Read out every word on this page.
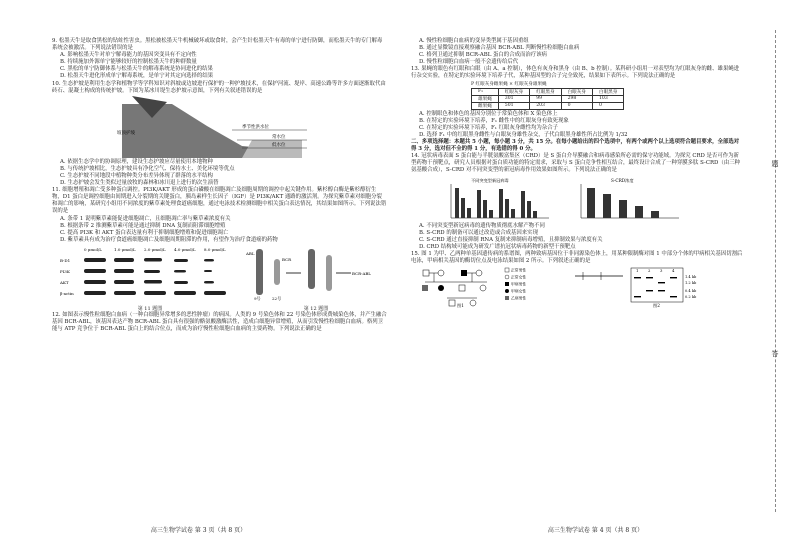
9. 松墨天牛是取食黑松的钻蛀性害虫。黑松被松墨天牛机械破坏或取食时，会产生针松墨天牛有毒的单宁进行防御，而松墨天牛的专门解毒系统会被激活。下列说法错误的是

A. 影响松墨天牛对单宁解毒能力的基因突变具有不定向性

B. 持续施加外源单宁能够较好的控制松墨天牛的种群数量

C. 黑松的单宁防御体系与松墨天牛的解毒系统是协同进化的结果

D. 松墨天牛进化形成单宁解毒系统，是单宁对其定向选择的结果

10. 生态护坡是利用生态学和植物学等学科知识对斜坡或边坡进行保护的一种护坡技术，在保护河流、堤岸、高速公路等许多方面逐渐取代由砖石、混凝土构成的传统护坡。下图为某冰川堤生态护坡示意图，下列有关叙述错误的是

季节性洪水位
坡顶护坡
常水位
低水位

A. 依据生态学中的协调原理，建设生态护坡应尽量使用本地物种

B. 与传统护坡相比，生态护坡具有净化空气、保持水土、美化环境等优点

C. 生态护坡不同地段中植物种类分布差异体现了群落的水平结构

D. 生态护坡会发生类似过量放牧的森林和冰川退上进行的次生演替

11. 细胞增殖和凋亡受多种蛋白调控。PI3K/AKT 形成的蛋白磷酸在细胞凋亡及细胞周期的调控中起关键作用。紫杉醇白酶是紫杉醇衍生物，D1 蛋白是调控细胞由间期进入分裂期的关键蛋白，胰岛素样生长因子（IGF）是 PI3K/AKT 通路的激活剂。为探究紫草素对细胞分裂和凋亡的影响，某研究小组用不同浓度的紫草素处理食道癌细胞，通过电泳技术检测细胞中相关蛋白表达情况，其结果如图所示。下列说法错误的是

A. 条带 1 说明紫草素能促进细胞凋亡，且细胞凋亡率与紫草素浓度有关

B. 根据条带 2 推测紫草素可能是通过抑制 DNA 复制而阻滞细胞增殖

C. 提高 PI3K 和 AKT 蛋白表达量有利于抑制细胞增殖和促进细胞凋亡

D. 紫草素具有成为治疗食道癌细胞凋亡及细胞周期阻滞的作用，有望作为治疗食道癌的药物

0 μmol/L	1.0 μmol/L 2.0 μmol/L 4.0 μmol/L 8.0 μmol/L
B-D1
PI3K
AKT
β-actin
第 11 题图
9号	22号
BCR
ABL
BCR-ABL
第 12 题图

12. 如图表示慢性粒细胞白血病（一种白细胞异常增多的恶性肿瘤）的病因。人类的 9 号染色体和 22 号染色体形成费城染色体，并产生融合基因 BCR-ABL，该基因表达产物 BCR-ABL 蛋白具有很强的酪氨酸激酶活性，造成白细胞异常增殖，从而引发慢性粒细胞白血病。格列卫能与 ATP 竞争位于 BCR-ABL 蛋白上的结合位点，而成为治疗慢性粒细胞白血病的主要药物。下列说法正确的是

高三生物学试卷 第 3 页（共 8 页）

A. 慢性粒细胞白血病的变异类型属于基因重组

B. 通过显微镜直接观察融合基因 BCR-ABL 判断慢性粒细胞白血病

C. 格列卫通过抑制 BCR-ABL 蛋白的合成而治疗该病

D. 慢性粒细胞白血病一般不会遗传给后代

13. 果蝇的眼色有红眼和白眼（由 A、a 控制），体色有灰身和黑身（由 B、b 控制）。某科研小组用一对表型均为红眼灰身的雌、雄果蝇进行杂交实验，在特定的实验环境下培养子代，某种基因型的合子完全致死，结果如下表所示。下列说法正确的是

P 红眼灰身雌果蝇 × 红眼灰身雄果蝇

F₁	红眼灰身	红眼黑身	白眼灰身	白眼黑身
雄果蝇	301	99	298	103
雌果蝇	501	203	0	0

A. 控制眼色和体色的基因分别位于常染色体和 X 染色体上

B. 在特定的实验环境下培养，F₁ 雌性中的红眼灰身有致死现象

C. 在特定的实验环境下培养，F₁ 红眼灰身雌性均为杂合子

D. 选择 F₁ 中的红眼黑身雌性与白眼灰身雄性杂交，子代白眼黑身雄性所占比例为 1/32

二、多项选择题：本题共 5 小题，每小题 3 分，共 15 分。在每小题给出的四个选项中，有两个或两个以上选项符合题目要求，全部选对得 3 分，选对但不全的得 1 分，有选错的得 0 分。

14. 冠状病毒表面 S 蛋白能与半胱氨酸富集区（CRD）是 S 蛋白介导膜融合和病毒感染所必需的保守功能域。为探究 CRD 是否可作为新型药物干预靶点，研究人员根据对蛋白质功能的特定需求，采取与 S 蛋白竞争性相互结合，最终设计合成了一种穿膜多肽 S-CRD（由三种氨基酸合成），S-CRD 对不同突变型的新冠病毒作用效果如图所示。下列说法正确的是

不同突变型新冠病毒	S-CRD浓度

A. 不同突变型新冠病毒的遗传物质彻底水解产物不同

B. S-CRD 的制备可以通过改造或合成基因来实现

C. S-CRD 通过直接抑制 RNA 复制来抑制病毒增殖，且抑制效果与浓度有关

D. CRD 结构域可能成为研发广谱抗冠状病毒药物的新型干预靶点

15. 图 1 为甲、乙两种单基因遗传病的系谱图，两种致病基因位于非同源染色体上，用某种限制酶对图 1 中部分个体的甲病相关基因切割后电泳，甲病相关基因的酶切位点及电泳结果如图 2 所示。下列叙述正确的是

正常男性
正常女性
甲病男性
甲病女性
乙病男性
图1
1	2	3	4
1.4 kb
1.2 kb
0.4 kb
0.2 kb
图2
高三生物学试卷 第 4 页（共 8 页）
题
答
